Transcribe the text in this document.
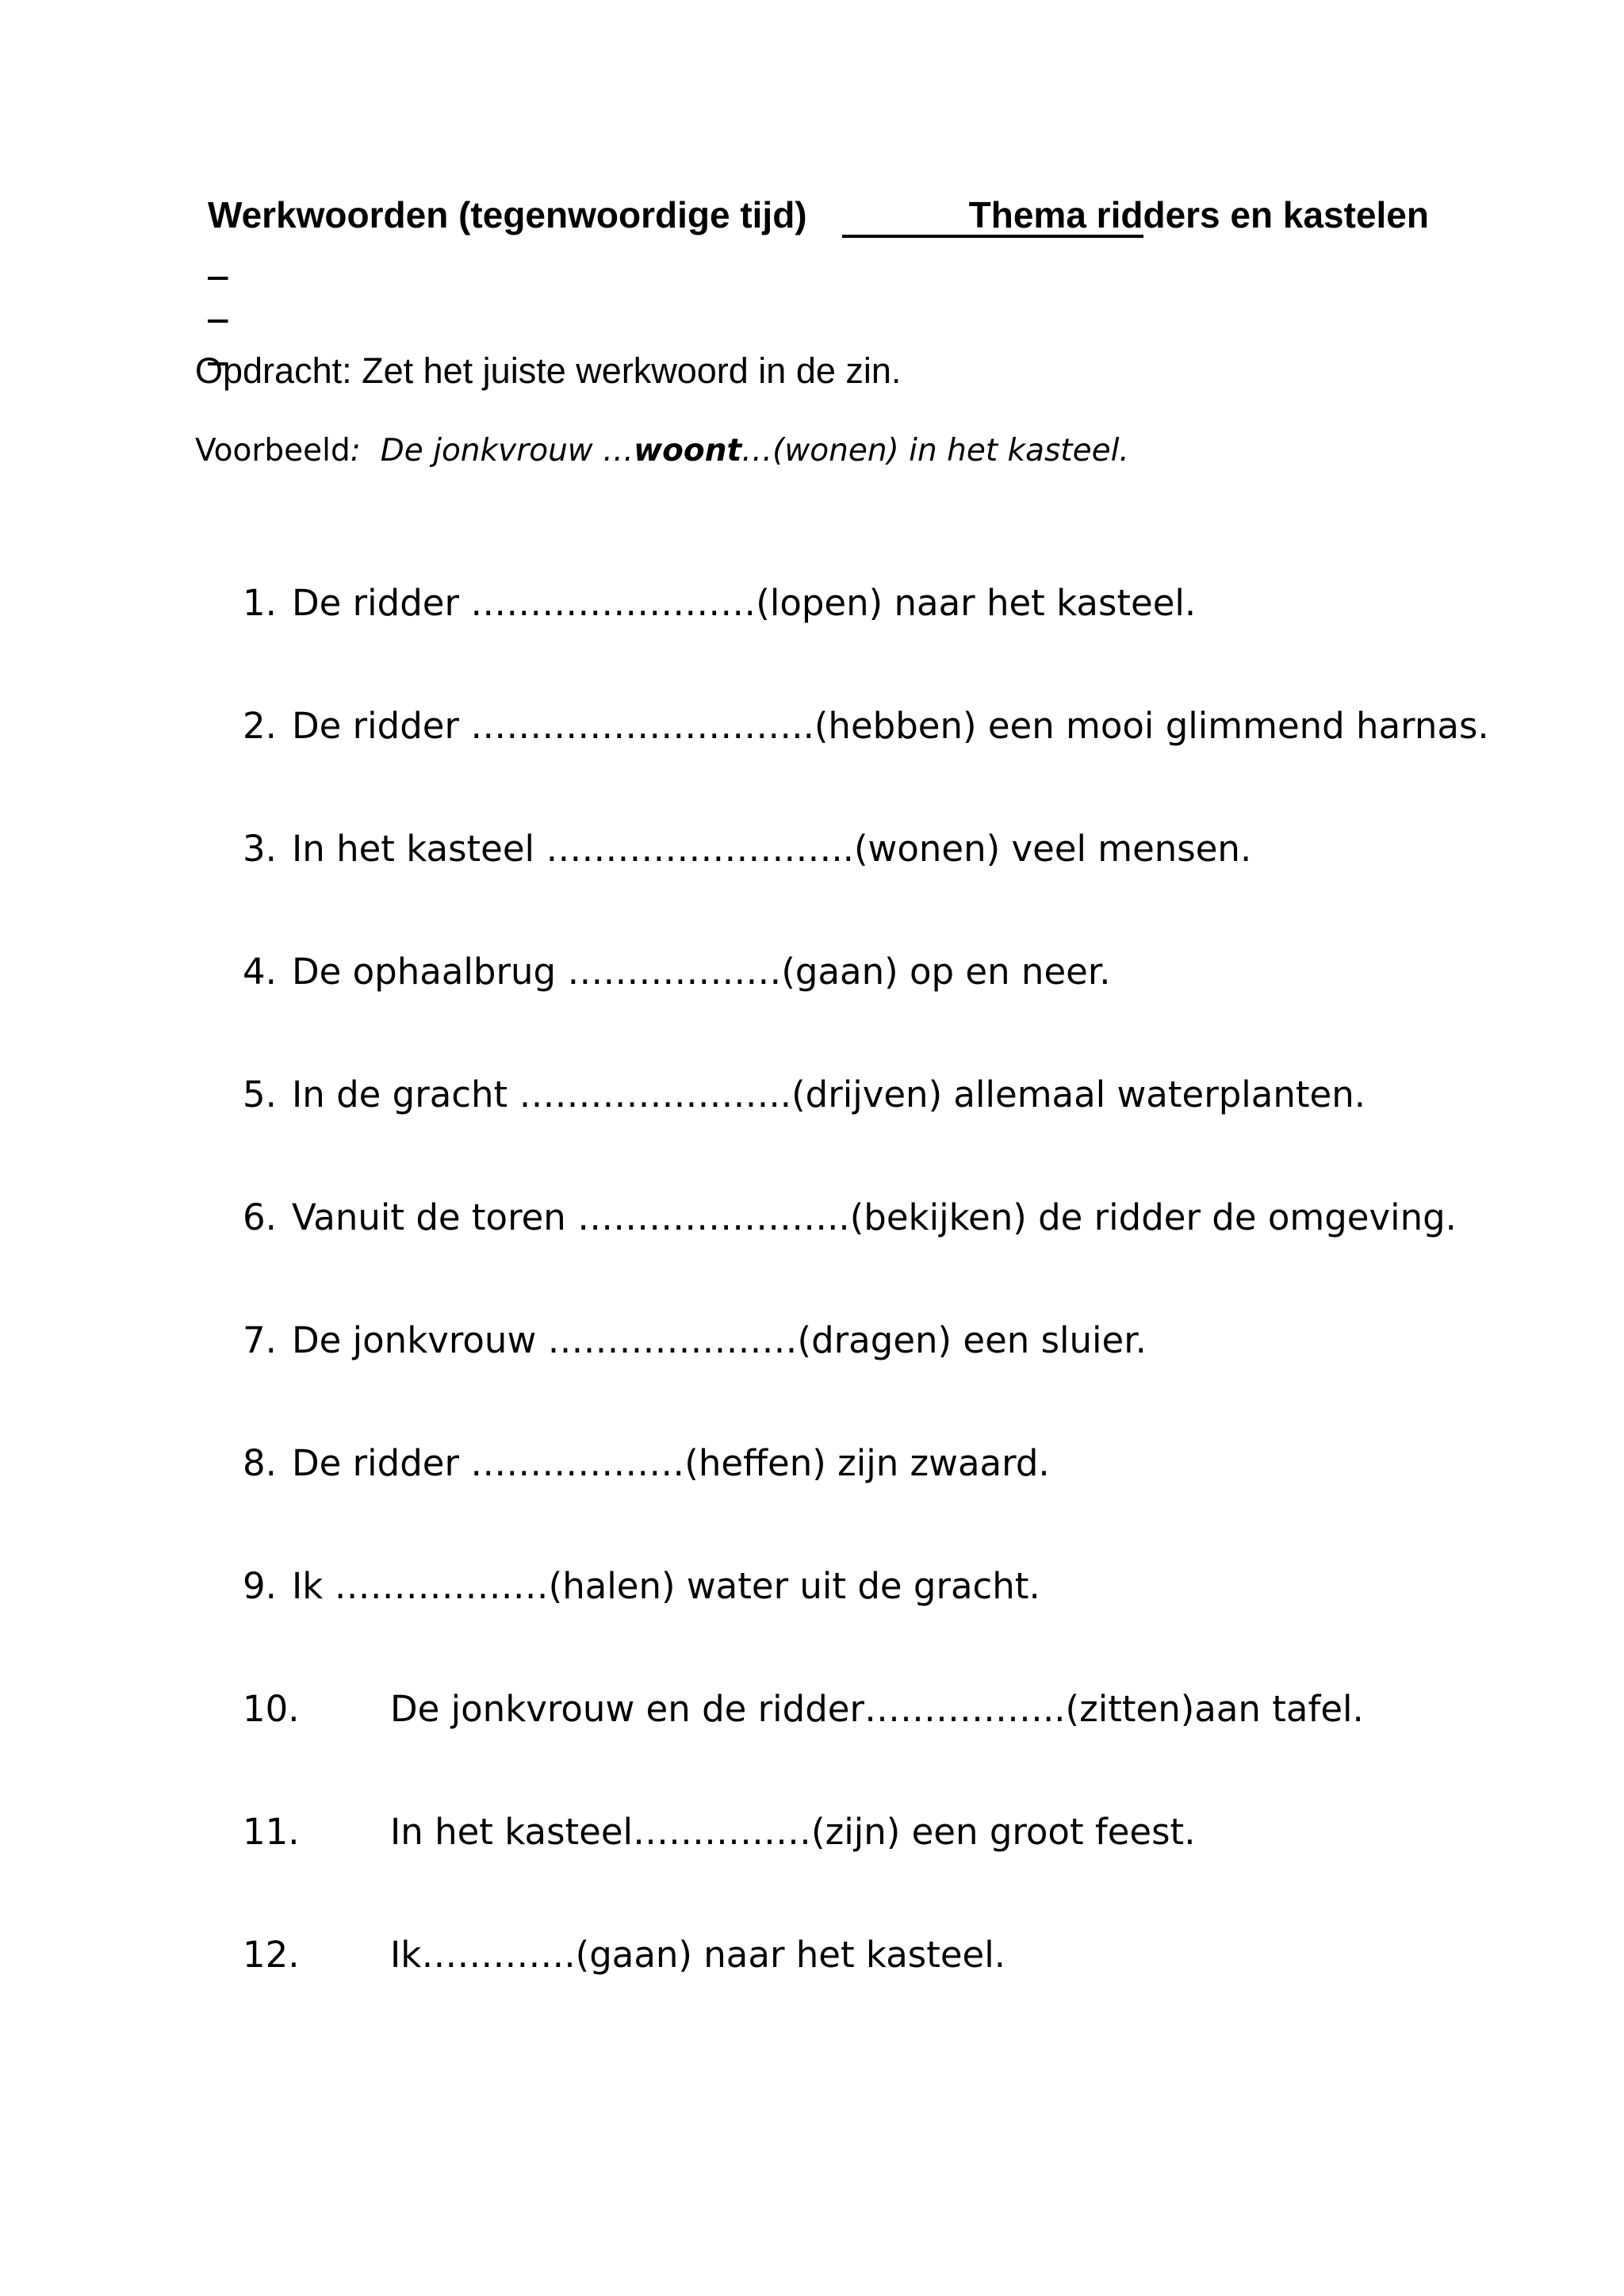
Werkwoorden (tegenwoordige tijd)

	Thema ridders en kastelen

Opdracht: Zet het juiste werkwoord in de zin.
Voorbeeld: De jonkvrouw …woont…(wonen) in het kasteel.
1. De ridder ……………………(lopen) naar het kasteel.
2. De ridder ………………………..(hebben) een mooi glimmend harnas.
3. In het kasteel ……………………..(wonen) veel mensen.
4. De ophaalbrug ………………(gaan) op en neer.
5. In de gracht …………………..(drijven) allemaal waterplanten.
6. Vanuit de toren …………………..(bekijken) de ridder de omgeving.
7. De jonkvrouw …………………(dragen) een sluier.
8. De ridder ………………(heffen) zijn zwaard.
9. Ik ………………(halen) water uit de gracht.
10.	De jonkvrouw en de ridder……………..(zitten)aan tafel.
11.	In het kasteel……………(zijn) een groot feest.
12.	Ik………….(gaan) naar het kasteel.
